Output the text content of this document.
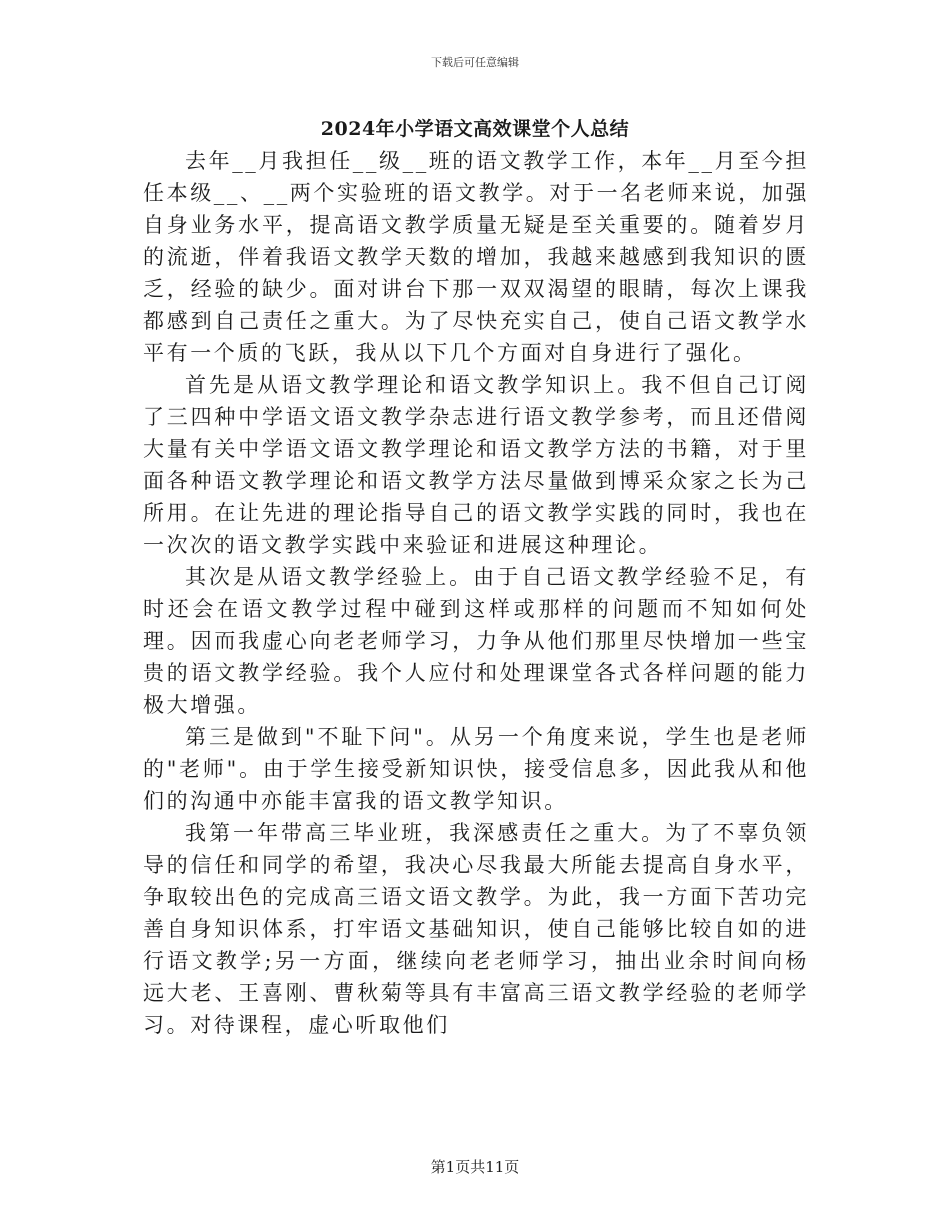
下载后可任意编辑
2024年小学语文高效课堂个人总结

去年__月我担任__级__班的语文教学工作，本年__月至今担任本级__、__两个实验班的语文教学。对于一名老师来说，加强自身业务水平，提高语文教学质量无疑是至关重要的。随着岁月的流逝，伴着我语文教学天数的增加，我越来越感到我知识的匮乏，经验的缺少。面对讲台下那一双双渴望的眼睛，每次上课我都感到自己责任之重大。为了尽快充实自己，使自己语文教学水平有一个质的飞跃，我从以下几个方面对自身进行了强化。

首先是从语文教学理论和语文教学知识上。我不但自己订阅了三四种中学语文语文教学杂志进行语文教学参考，而且还借阅大量有关中学语文语文教学理论和语文教学方法的书籍，对于里面各种语文教学理论和语文教学方法尽量做到博采众家之长为己所用。在让先进的理论指导自己的语文教学实践的同时，我也在一次次的语文教学实践中来验证和进展这种理论。

其次是从语文教学经验上。由于自己语文教学经验不足，有时还会在语文教学过程中碰到这样或那样的问题而不知如何处理。因而我虚心向老老师学习，力争从他们那里尽快增加一些宝贵的语文教学经验。我个人应付和处理课堂各式各样问题的能力极大增强。

第三是做到"不耻下问"。从另一个角度来说，学生也是老师的"老师"。由于学生接受新知识快，接受信息多，因此我从和他们的沟通中亦能丰富我的语文教学知识。

我第一年带高三毕业班，我深感责任之重大。为了不辜负领导的信任和同学的希望，我决心尽我最大所能去提高自身水平，争取较出色的完成高三语文语文教学。为此，我一方面下苦功完善自身知识体系，打牢语文基础知识，使自己能够比较自如的进行语文教学;另一方面，继续向老老师学习，抽出业余时间向杨远大老、王喜刚、曹秋菊等具有丰富高三语文教学经验的老师学习。对待课程，虚心听取他们

第1页共11页
